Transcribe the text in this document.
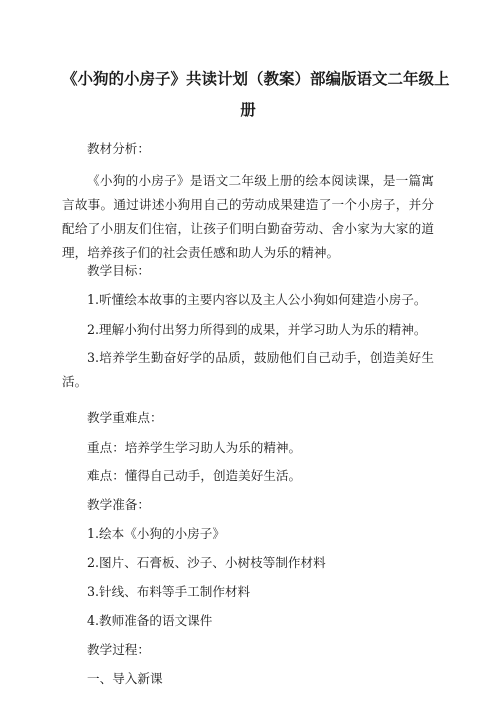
《小狗的小房子》共读计划（教案）部编版语文二年级上
册
教材分析：
《小狗的小房子》是语文二年级上册的绘本阅读课，是一篇寓言故事。通过讲述小狗用自己的劳动成果建造了一个小房子，并分配给了小朋友们住宿，让孩子们明白勤奋劳动、舍小家为大家的道理，培养孩子们的社会责任感和助人为乐的精神。
教学目标：
1.听懂绘本故事的主要内容以及主人公小狗如何建造小房子。
2.理解小狗付出努力所得到的成果，并学习助人为乐的精神。
3.培养学生勤奋好学的品质，鼓励他们自己动手，创造美好生活。
教学重难点：
重点：培养学生学习助人为乐的精神。
难点：懂得自己动手，创造美好生活。
教学准备：
1.绘本《小狗的小房子》
2.图片、石膏板、沙子、小树枝等制作材料
3.针线、布料等手工制作材料
4.教师准备的语文课件
教学过程：
一、导入新课
